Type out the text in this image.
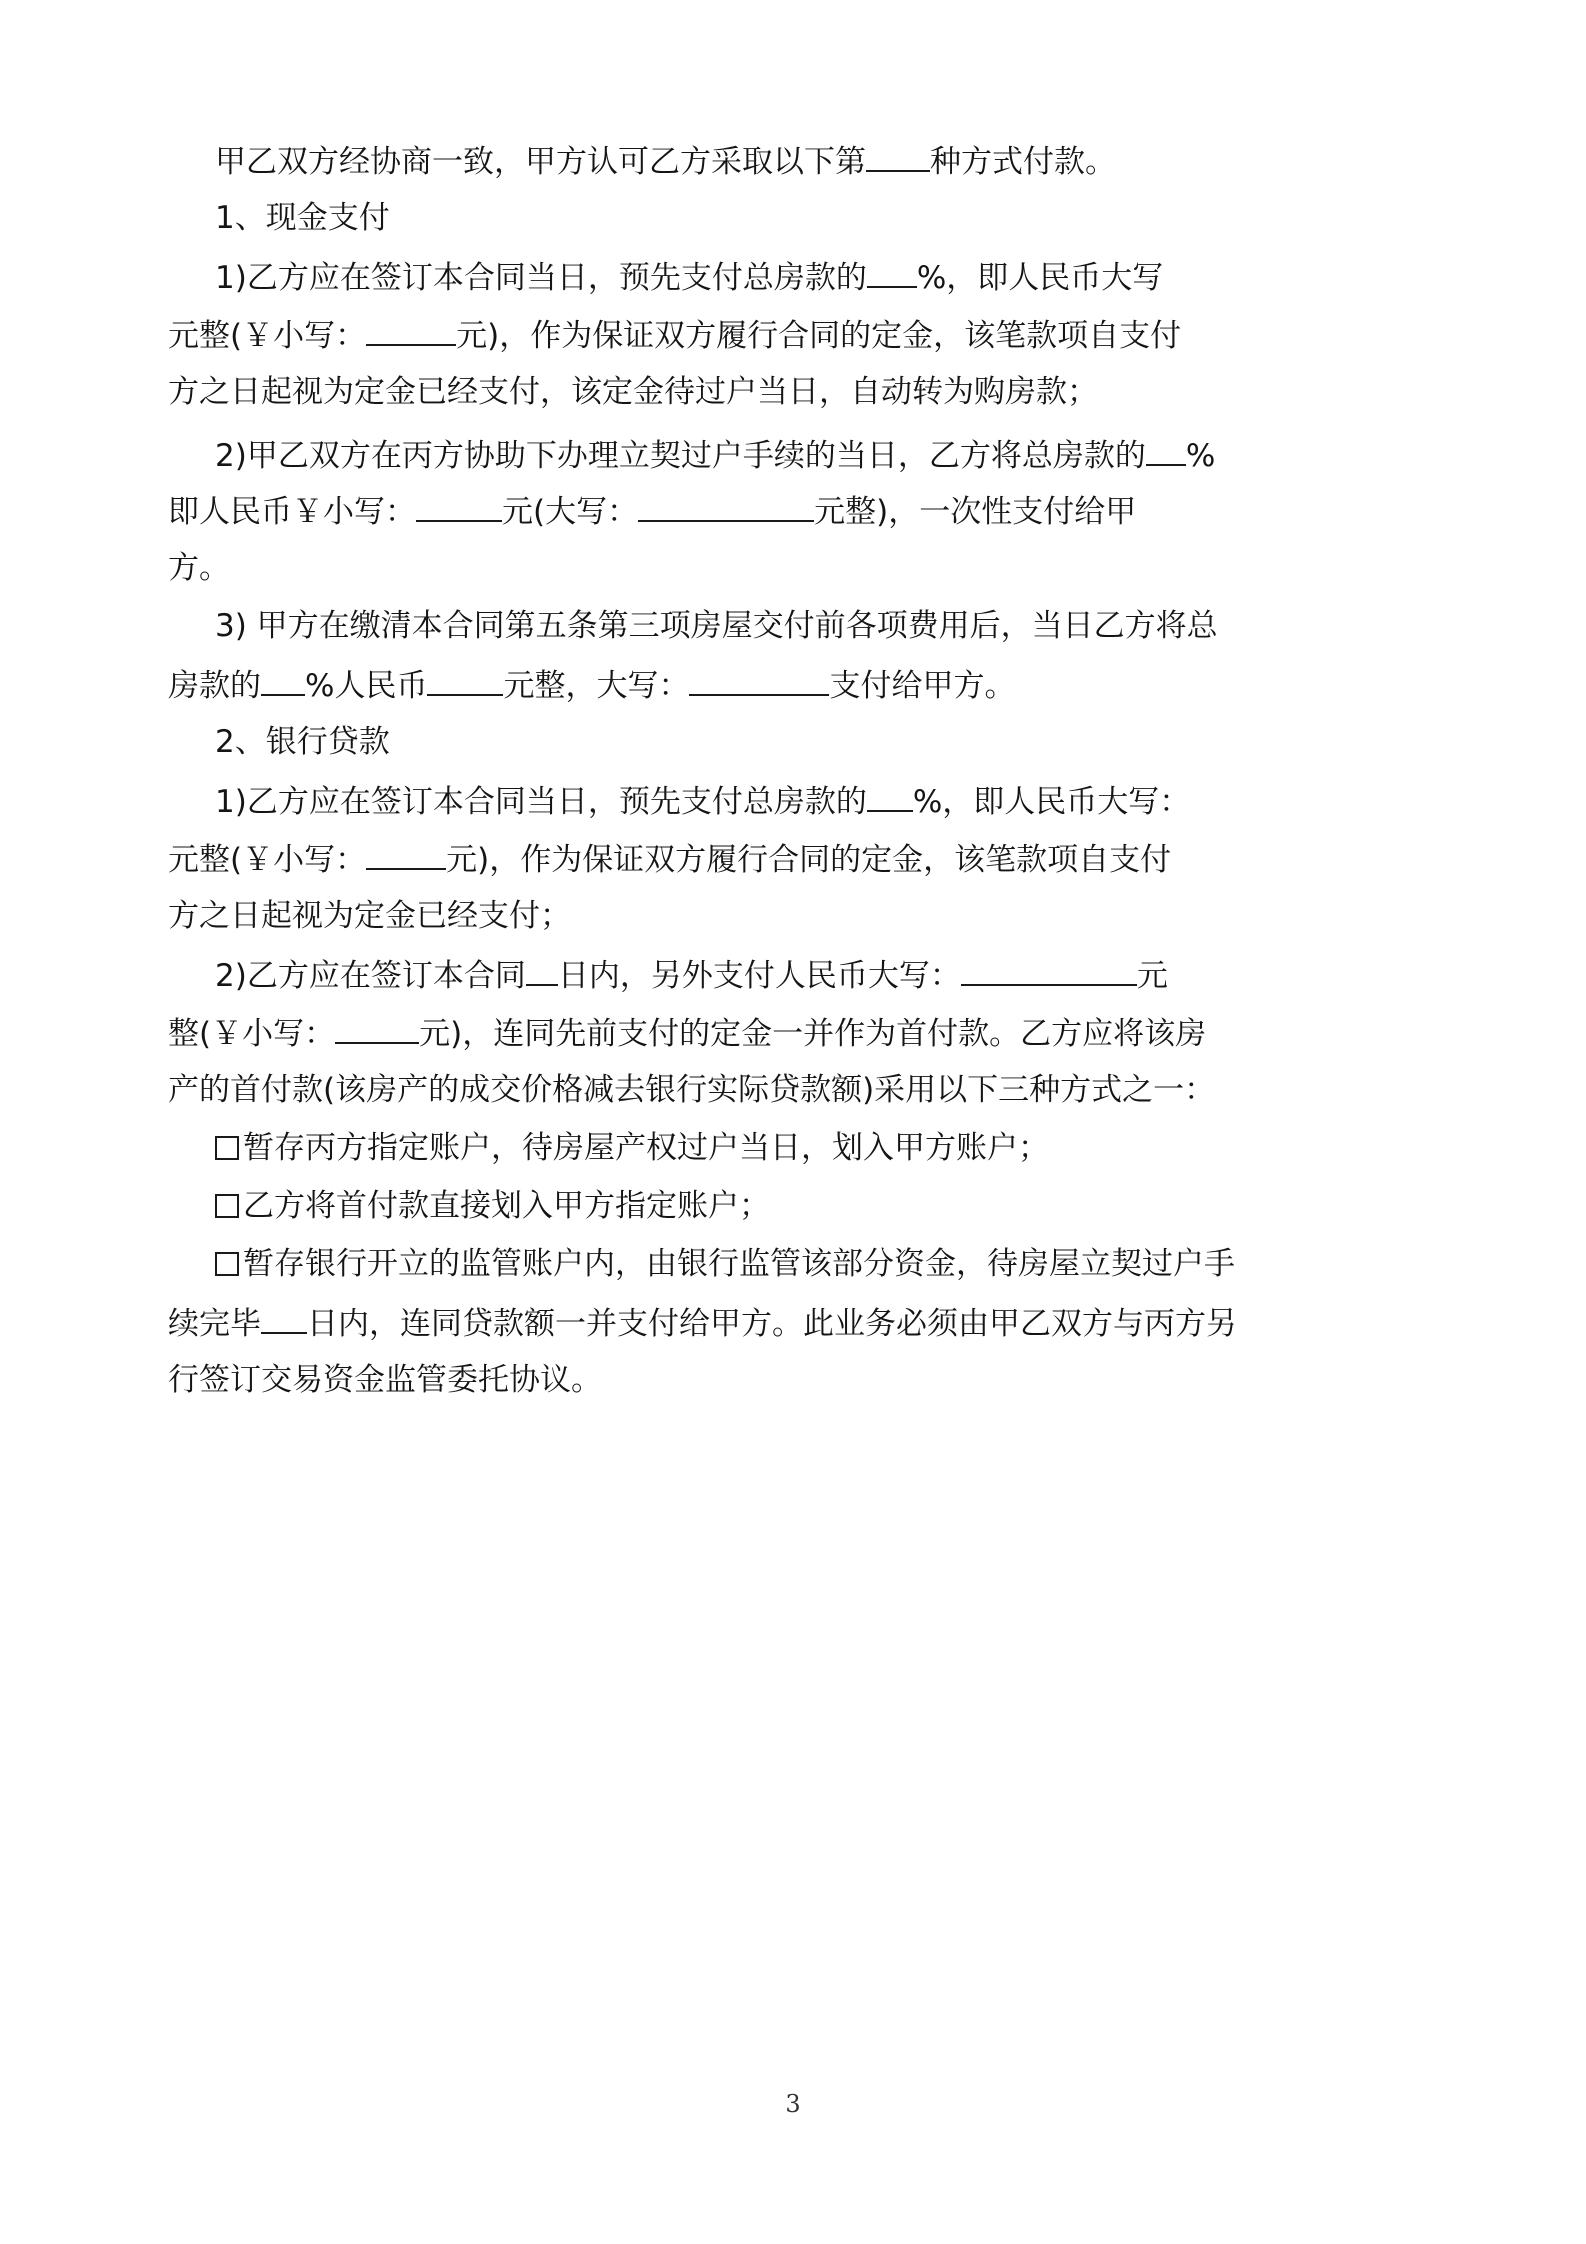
甲乙双方经协商一致，甲方认可乙方采取以下第 种方式付款。
1、现金支付
1)乙方应在签订本合同当日，预先支付总房款的 %，即人民币大写
元整(￥小写：	元)，作为保证双方履行合同的定金，该笔款项自支付
方之日起视为定金已经支付，该定金待过户当日，自动转为购房款；
2)甲乙双方在丙方协助下办理立契过户手续的当日，乙方将总房款的 %
即人民币￥小写：	元(大写：	元整)，一次性支付给甲
方。
3) 甲方在缴清本合同第五条第三项房屋交付前各项费用后，当日乙方将总
房款的 %人民币 元整，大写：	支付给甲方。
2、银行贷款
1)乙方应在签订本合同当日，预先支付总房款的 %，即人民币大写：
元整(￥小写：	元)，作为保证双方履行合同的定金，该笔款项自支付
方之日起视为定金已经支付；
2)乙方应在签订本合同 日内，另外支付人民币大写：	元
整(￥小写：	元)，连同先前支付的定金一并作为首付款。乙方应将该房
产的首付款(该房产的成交价格减去银行实际贷款额)采用以下三种方式之一：
暂存丙方指定账户，待房屋产权过户当日，划入甲方账户；
乙方将首付款直接划入甲方指定账户；
暂存银行开立的监管账户内，由银行监管该部分资金，待房屋立契过户手
续完毕 日内，连同贷款额一并支付给甲方。此业务必须由甲乙双方与丙方另
行签订交易资金监管委托协议。
3
